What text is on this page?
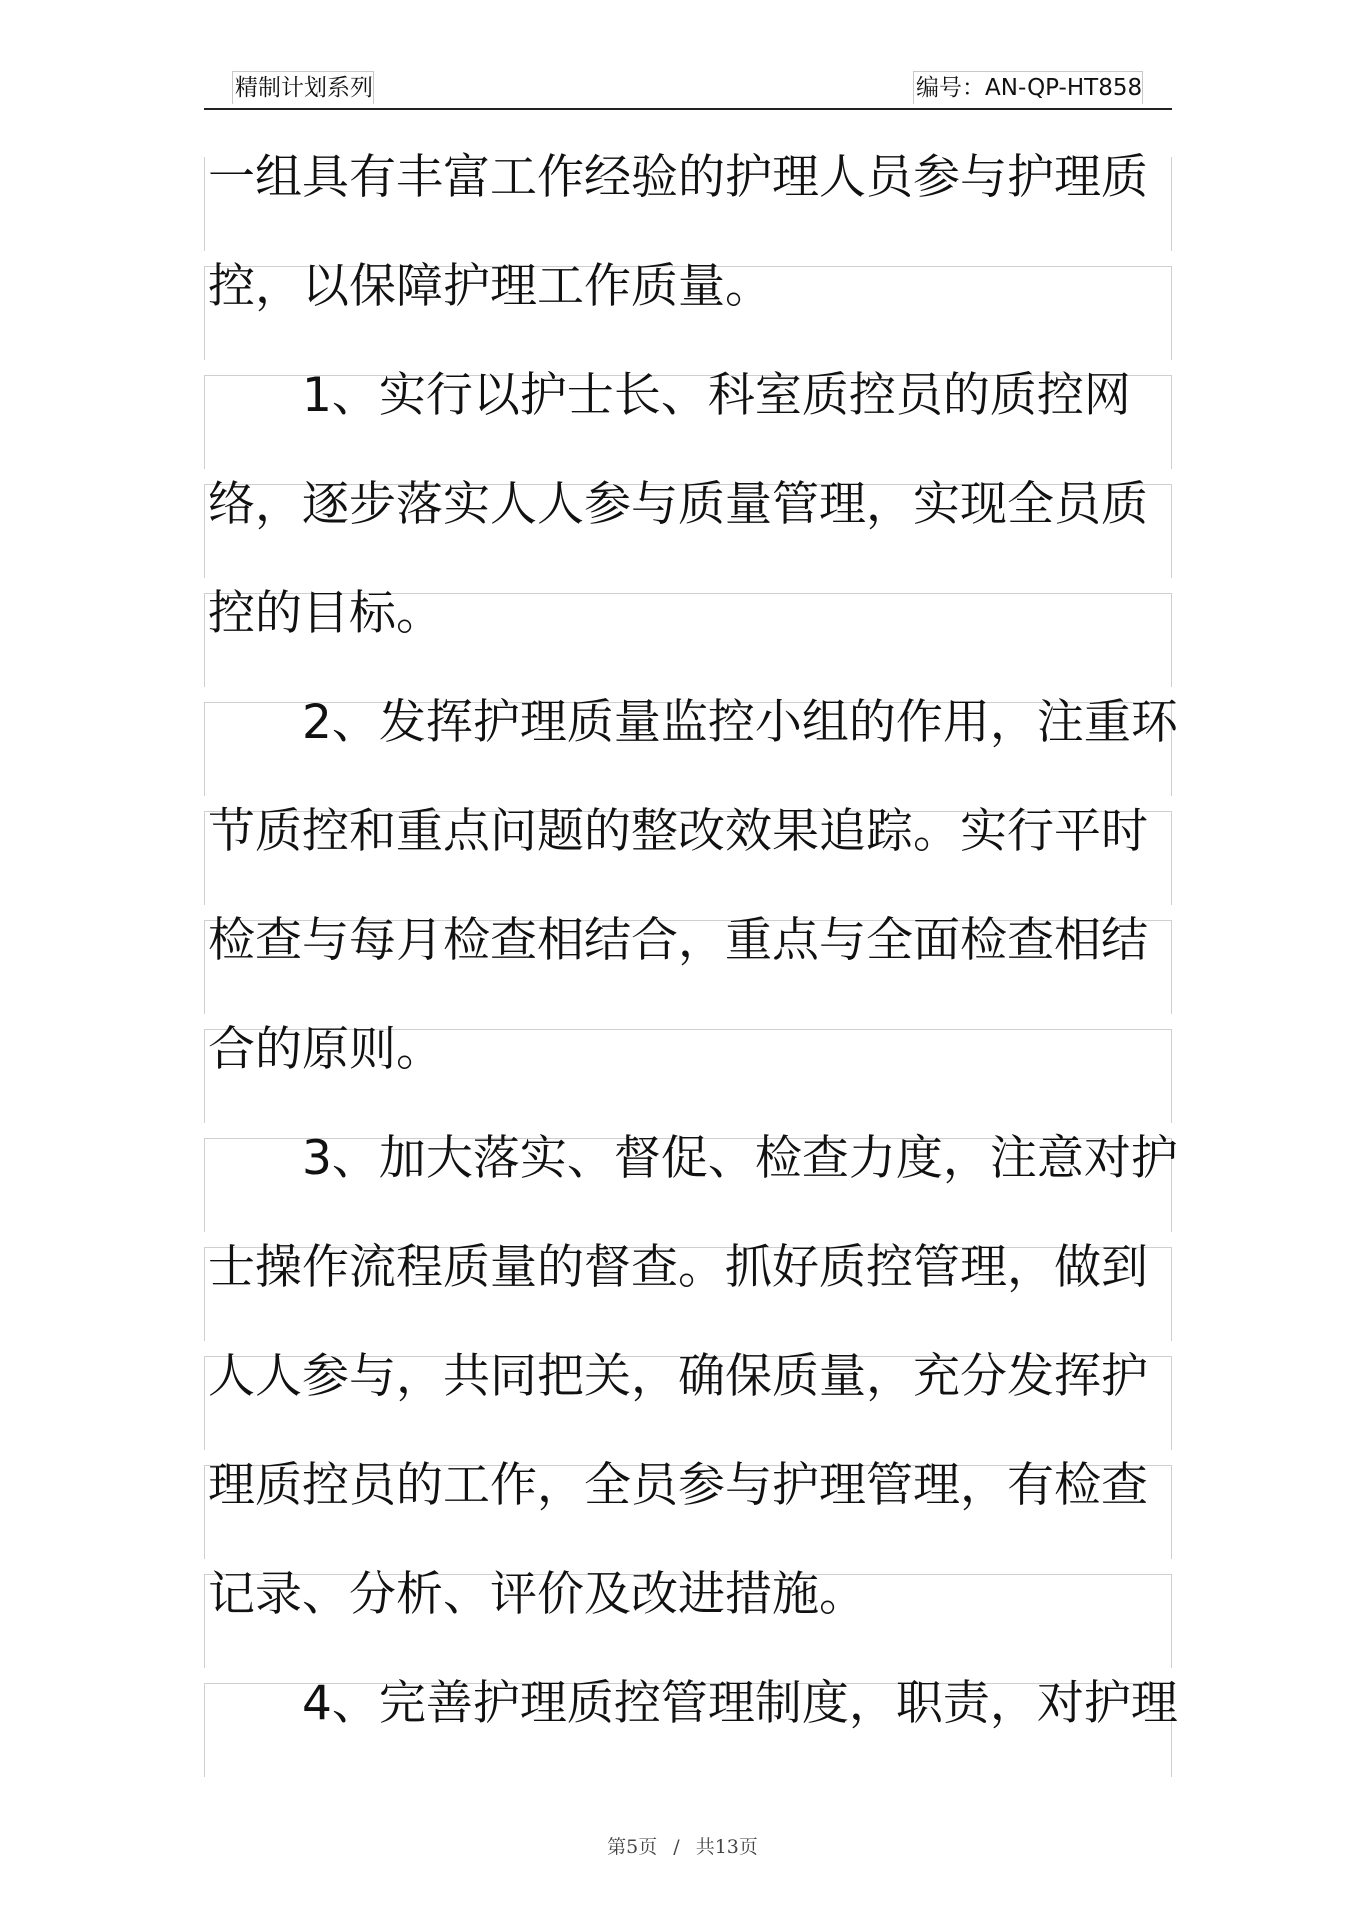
精制计划系列	编号：AN-QP-HT858
一组具有丰富工作经验的护理人员参与护理质
控，以保障护理工作质量。
1、实行以护士长、科室质控员的质控网
络，逐步落实人人参与质量管理，实现全员质
控的目标。
2、发挥护理质量监控小组的作用，注重环
节质控和重点问题的整改效果追踪。实行平时
检查与每月检查相结合，重点与全面检查相结
合的原则。
3、加大落实、督促、检查力度，注意对护
士操作流程质量的督查。抓好质控管理，做到
人人参与，共同把关，确保质量，充分发挥护
理质控员的工作，全员参与护理管理，有检查
记录、分析、评价及改进措施。
4、完善护理质控管理制度，职责，对护理
第5页 / 共13页
